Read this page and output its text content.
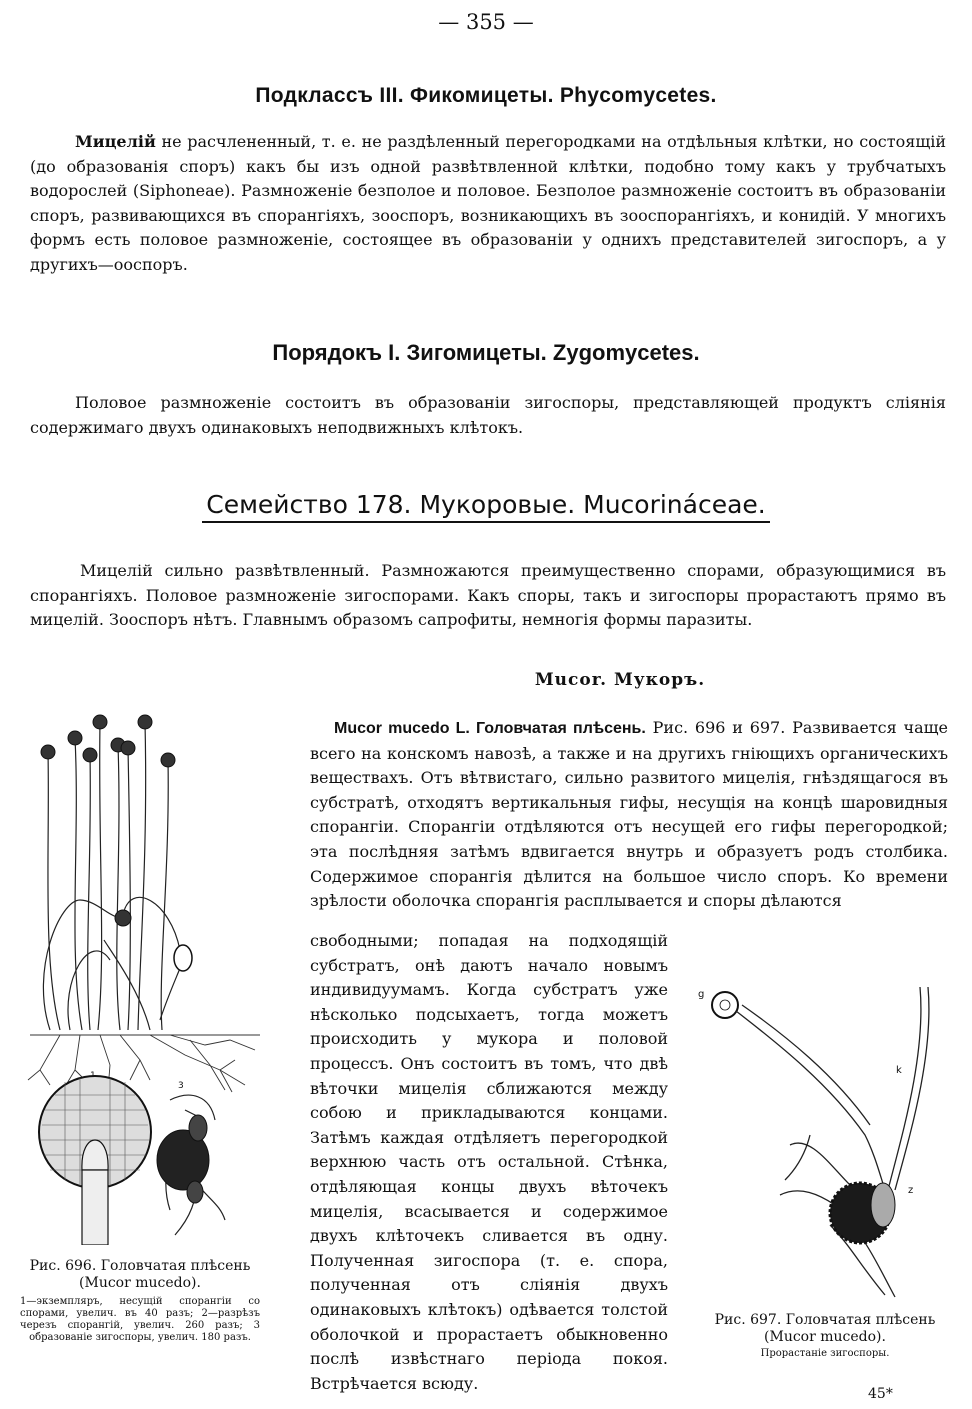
— 355 —
Подклассъ III. Фикомицеты. Phycomycetes.
Мицелій не расчлененный, т. е. не раздѣленный перегородками на отдѣльныя клѣтки, но состоящій (до образованія споръ) какъ бы изъ одной развѣтвленной клѣтки, подобно тому какъ у трубчатыхъ водорослей (Siphoneae). Размноженіе безполое и половое. Безполое размноженіе состоитъ въ образованіи споръ, развивающихся въ спорангіяхъ, зооспоръ, возникающихъ въ зооспорангіяхъ, и конидій. У многихъ формъ есть половое размноженіе, состоящее въ образованіи у однихъ представителей зигоспоръ, а у другихъ—ооспоръ.
Порядокъ I. Зигомицеты. Zygomycetes.
Половое размноженіе состоитъ въ образованіи зигоспоры, представляющей продуктъ слiянія содержимаго двухъ одинаковыхъ неподвижныхъ клѣтокъ.
Семейство 178. Мукоровые. Mucorináceae.
Мицелій сильно развѣтвленный. Размножаются преимущественно спорами, образующимися въ спорангіяхъ. Половое размноженіе зигоспорами. Какъ споры, такъ и зигоспоры прорастаютъ прямо въ мицелій. Зооспоръ нѣтъ. Главнымъ образомъ сапрофиты, немногія формы паразиты.
Mucor. Мукоръ.
Mucor mucedo L. Головчатая плѣсень. Рис. 696 и 697. Развивается чаще всего на конскомъ навозѣ, а также и на другихъ гніющихъ органическихъ веществахъ. Отъ вѣтвистаго, сильно развитого мицелія, гнѣздящагося въ субстратѣ, отходятъ вертикальныя гифы, несущія на концѣ шаровидныя спорангіи. Спорангіи отдѣляются отъ несущей его гифы перегородкой; эта послѣдняя затѣмъ вдвигается внутрь и образуетъ родъ столбика. Содержимое спорангія дѣлится на большое число споръ. Ко времени зрѣлости оболочка спорангія расплывается и споры дѣлаются
свободными; попадая на подходящій субстратъ, онѣ даютъ начало новымъ индивидуумамъ. Когда субстратъ уже нѣсколько подсыхаетъ, тогда можетъ происходить у мукора и половой процессъ. Онъ состоитъ въ томъ, что двѣ вѣточки мицелія сближаются между собою и прикладываются концами. Затѣмъ каждая отдѣляетъ перегородкой верхнюю часть отъ остальной. Стѣнка, отдѣляющая концы двухъ вѣточекъ мицелія, всасывается и содержимое двухъ клѣточекъ сливается въ одну. Полученная зигоспора (т. е. спора, полученная отъ слiянія двухъ одинаковыхъ клѣтокъ) одѣвается толстой оболочкой и прорастаетъ обыкновенно послѣ извѣстнаго періода покоя. Встрѣчается всюду.
3
Рис. 696. Головчатая плѣсень (Mucor mucedo).
1—экземпляръ, несущій спорангіи со спорами, увелич. въ 40 разъ; 2—разрѣзъ черезъ спорангій, увелич. 260 разъ; 3 образованіе зигоспоры, увелич. 180 разъ.
g
k
z
Рис. 697. Головчатая плѣсень (Mucor mucedo).
Прорастаніе зигоспоры.
45*
